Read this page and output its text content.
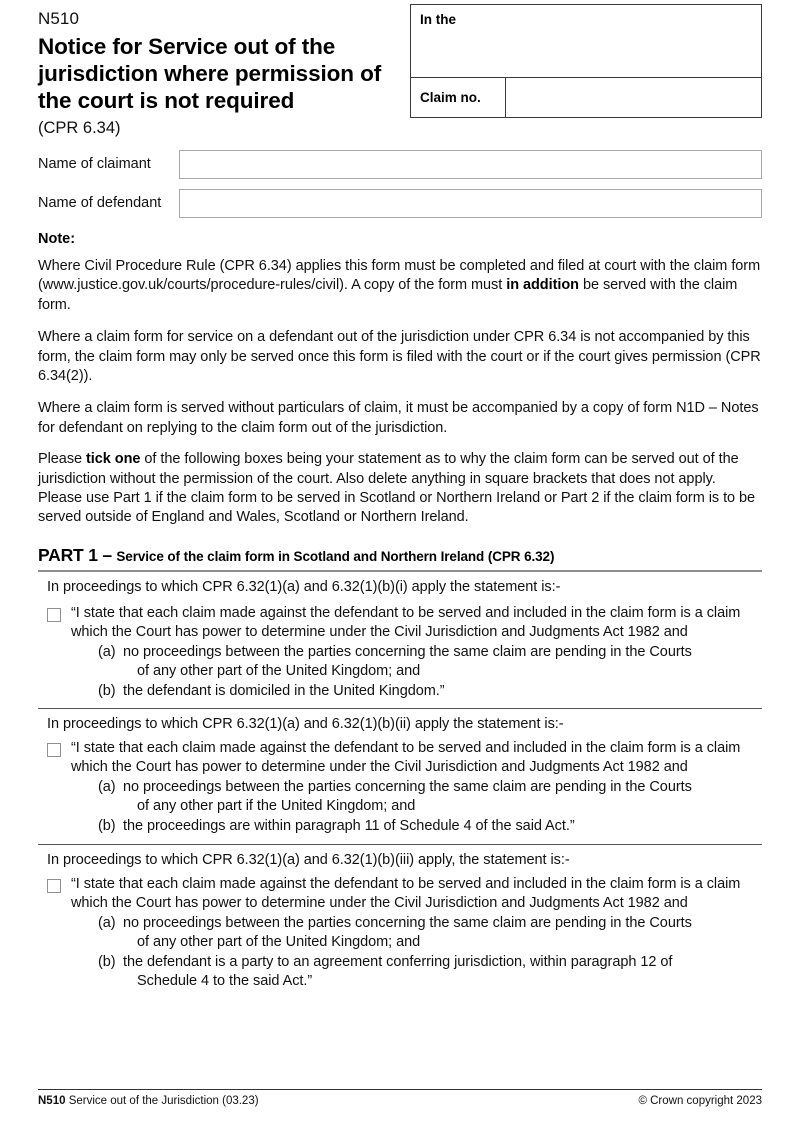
N510
Notice for Service out of the jurisdiction where permission of the court is not required
(CPR 6.34)
In the
Claim no.
Name of claimant
Name of defendant
Note:
Where Civil Procedure Rule (CPR 6.34) applies this form must be completed and filed at court with the claim form (www.justice.gov.uk/courts/procedure-rules/civil). A copy of the form must in addition be served with the claim form.
Where a claim form for service on a defendant out of the jurisdiction under CPR 6.34 is not accompanied by this form, the claim form may only be served once this form is filed with the court or if the court gives permission (CPR 6.34(2)).
Where a claim form is served without particulars of claim, it must be accompanied by a copy of form N1D – Notes for defendant on replying to the claim form out of the jurisdiction.
Please tick one of the following boxes being your statement as to why the claim form can be served out of the jurisdiction without the permission of the court. Also delete anything in square brackets that does not apply. Please use Part 1 if the claim form to be served in Scotland or Northern Ireland or Part 2 if the claim form is to be served outside of England and Wales, Scotland or Northern Ireland.
PART 1 – Service of the claim form in Scotland and Northern Ireland (CPR 6.32)
In proceedings to which CPR 6.32(1)(a) and 6.32(1)(b)(i) apply the statement is:-
“I state that each claim made against the defendant to be served and included in the claim form is a claim which the Court has power to determine under the Civil Jurisdiction and Judgments Act 1982 and
(a) no proceedings between the parties concerning the same claim are pending in the Courts
of any other part of the United Kingdom; and
(b) the defendant is domiciled in the United Kingdom.”
In proceedings to which CPR 6.32(1)(a) and 6.32(1)(b)(ii) apply the statement is:-
“I state that each claim made against the defendant to be served and included in the claim form is a claim which the Court has power to determine under the Civil Jurisdiction and Judgments Act 1982 and
(a) no proceedings between the parties concerning the same claim are pending in the Courts
of any other part if the United Kingdom; and
(b) the proceedings are within paragraph 11 of Schedule 4 of the said Act.”
In proceedings to which CPR 6.32(1)(a) and 6.32(1)(b)(iii) apply, the statement is:-
“I state that each claim made against the defendant to be served and included in the claim form is a claim which the Court has power to determine under the Civil Jurisdiction and Judgments Act 1982 and
(a) no proceedings between the parties concerning the same claim are pending in the Courts
of any other part of the United Kingdom; and
(b) the defendant is a party to an agreement conferring jurisdiction, within paragraph 12 of
Schedule 4 to the said Act.”
N510 Service out of the Jurisdiction (03.23)	© Crown copyright 2023
